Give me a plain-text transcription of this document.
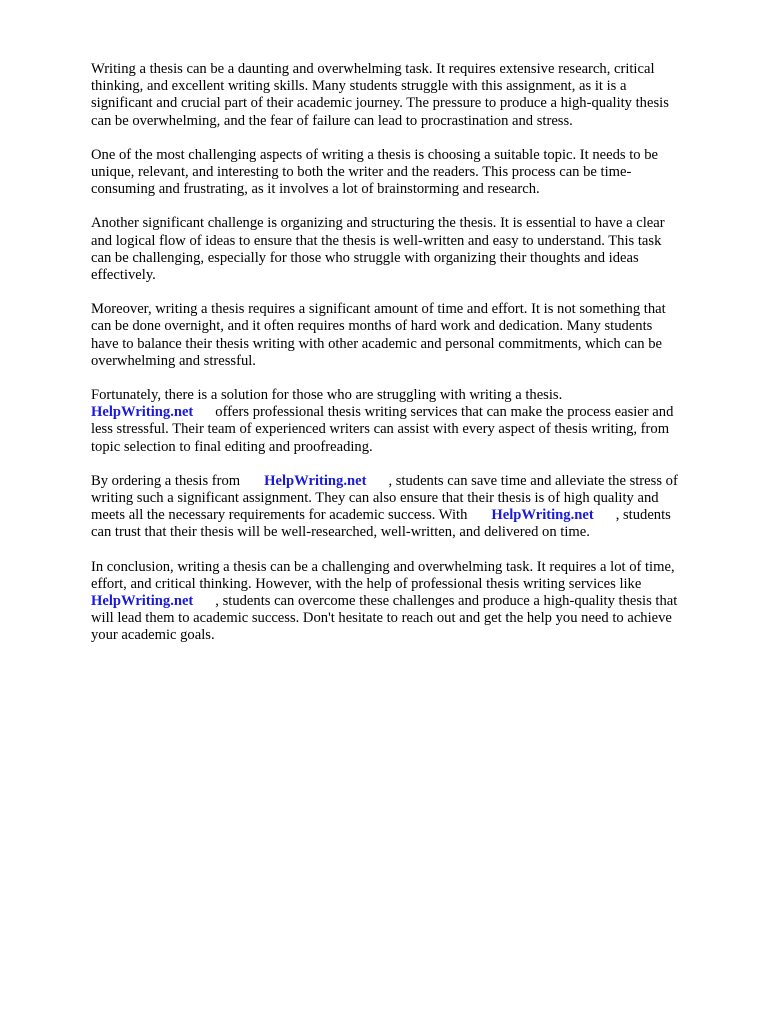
Writing a thesis can be a daunting and overwhelming task. It requires extensive research, critical
thinking, and excellent writing skills. Many students struggle with this assignment, as it is a
significant and crucial part of their academic journey. The pressure to produce a high-quality thesis
can be overwhelming, and the fear of failure can lead to procrastination and stress.

One of the most challenging aspects of writing a thesis is choosing a suitable topic. It needs to be
unique, relevant, and interesting to both the writer and the readers. This process can be time-
consuming and frustrating, as it involves a lot of brainstorming and research.

Another significant challenge is organizing and structuring the thesis. It is essential to have a clear
and logical flow of ideas to ensure that the thesis is well-written and easy to understand. This task
can be challenging, especially for those who struggle with organizing their thoughts and ideas
effectively.

Moreover, writing a thesis requires a significant amount of time and effort. It is not something that
can be done overnight, and it often requires months of hard work and dedication. Many students
have to balance their thesis writing with other academic and personal commitments, which can be
overwhelming and stressful.

Fortunately, there is a solution for those who are struggling with writing a thesis.
HelpWriting.net offers professional thesis writing services that can make the process easier and
less stressful. Their team of experienced writers can assist with every aspect of thesis writing, from
topic selection to final editing and proofreading.

By ordering a thesis from HelpWriting.net , students can save time and alleviate the stress of
writing such a significant assignment. They can also ensure that their thesis is of high quality and
meets all the necessary requirements for academic success. With HelpWriting.net , students
can trust that their thesis will be well-researched, well-written, and delivered on time.

In conclusion, writing a thesis can be a challenging and overwhelming task. It requires a lot of time,
effort, and critical thinking. However, with the help of professional thesis writing services like
HelpWriting.net , students can overcome these challenges and produce a high-quality thesis that
will lead them to academic success. Don't hesitate to reach out and get the help you need to achieve
your academic goals.
